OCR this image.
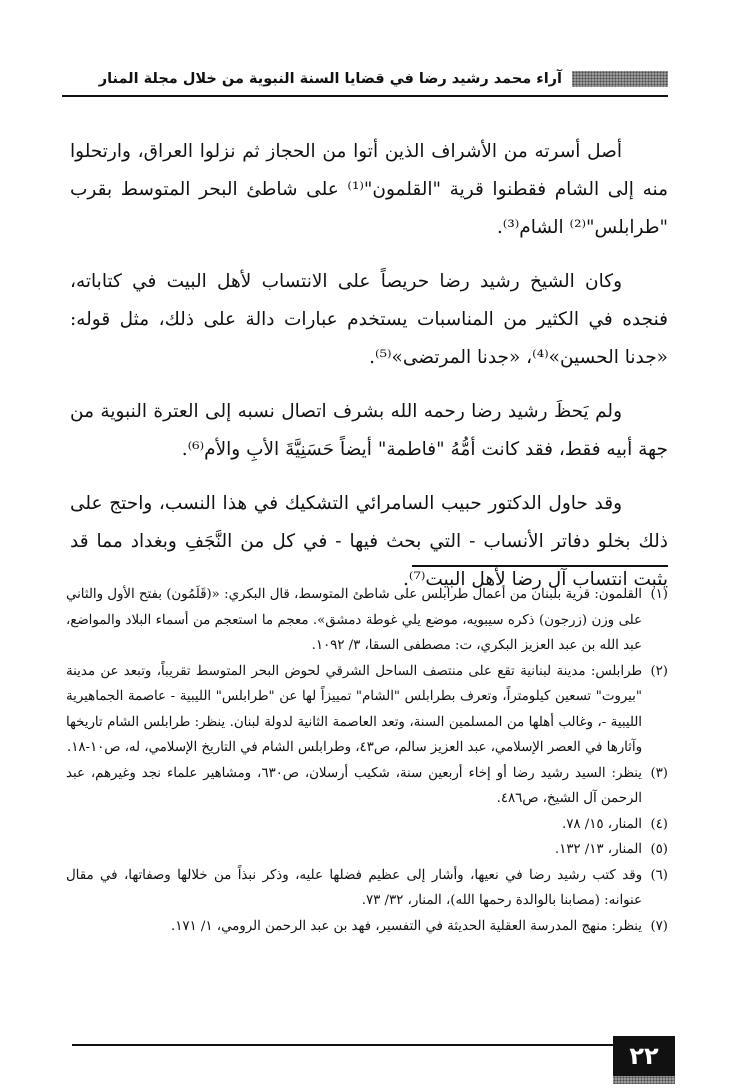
آراء محمد رشيد رضا في قضايا السنة النبوية من خلال مجلة المنار

أصل أسرته من الأشراف الذين أتوا من الحجاز ثم نزلوا العراق، وارتحلوا منه إلى الشام فقطنوا قرية "القلمون"⁽¹⁾ على شاطئ البحر المتوسط بقرب "طرابلس"⁽²⁾ الشام⁽³⁾.

وكان الشيخ رشيد رضا حريصاً على الانتساب لأهل البيت في كتاباته، فنجده في الكثير من المناسبات يستخدم عبارات دالة على ذلك، مثل قوله: «جدنا الحسين»⁽⁴⁾، «جدنا المرتضى»⁽⁵⁾.

ولم يَحظَ رشيد رضا رحمه الله بشرف اتصال نسبه إلى العترة النبوية من جهة أبيه فقط، فقد كانت أمُّهُ "فاطمة" أيضاً حَسَنِيَّةَ الأبِ والأم⁽⁶⁾.

وقد حاول الدكتور حبيب السامرائي التشكيك في هذا النسب، واحتج على ذلك بخلو دفاتر الأنساب - التي بحث فيها - في كل من النَّجَفِ وبغداد مما قد يثبت انتساب آل رضا لأهل البيت⁽⁷⁾.

(١)
القلمون: قرية بلبنان من أعمال طرابلس على شاطئ المتوسط، قال البكري: «(قَلَمُون) بفتح الأول والثاني على وزن (زرجون) ذكره سيبويه، موضع يلي غوطة دمشق». معجم ما استعجم من أسماء البلاد والمواضع، عبد الله بن عبد العزيز البكري، ت: مصطفى السقا، ٣/ ١٠٩٢.
(٢)
طرابلس: مدينة لبنانية تقع على منتصف الساحل الشرقي لحوض البحر المتوسط تقريباً، وتبعد عن مدينة "بيروت" تسعين كيلومتراً، وتعرف بطرابلس "الشام" تمييزاً لها عن "طرابلس" الليبية - عاصمة الجماهيرية الليبية -، وغالب أهلها من المسلمين السنة، وتعد العاصمة الثانية لدولة لبنان. ينظر: طرابلس الشام تاريخها وآثارها في العصر الإسلامي، عبد العزيز سالم، ص٤٣، وطرابلس الشام في التاريخ الإسلامي، له، ص١٠-١٨.
(٣)
ينظر: السيد رشيد رضا أو إخاء أربعين سنة، شكيب أرسلان، ص٦٣٠، ومشاهير علماء نجد وغيرهم، عبد الرحمن آل الشيخ، ص٤٨٦.
(٤)
المنار، ١٥/ ٧٨.
(٥)
المنار، ١٣/ ١٣٢.
(٦)
وقد كتب رشيد رضا في نعيها، وأشار إلى عظيم فضلها عليه، وذكر نبذاً من خلالها وصفاتها، في مقال عنوانه: (مصابنا بالوالدة رحمها الله)، المنار، ٣٢/ ٧٣.
(٧)
ينظر: منهج المدرسة العقلية الحديثة في التفسير، فهد بن عبد الرحمن الرومي، ١/ ١٧١.
٢٢
